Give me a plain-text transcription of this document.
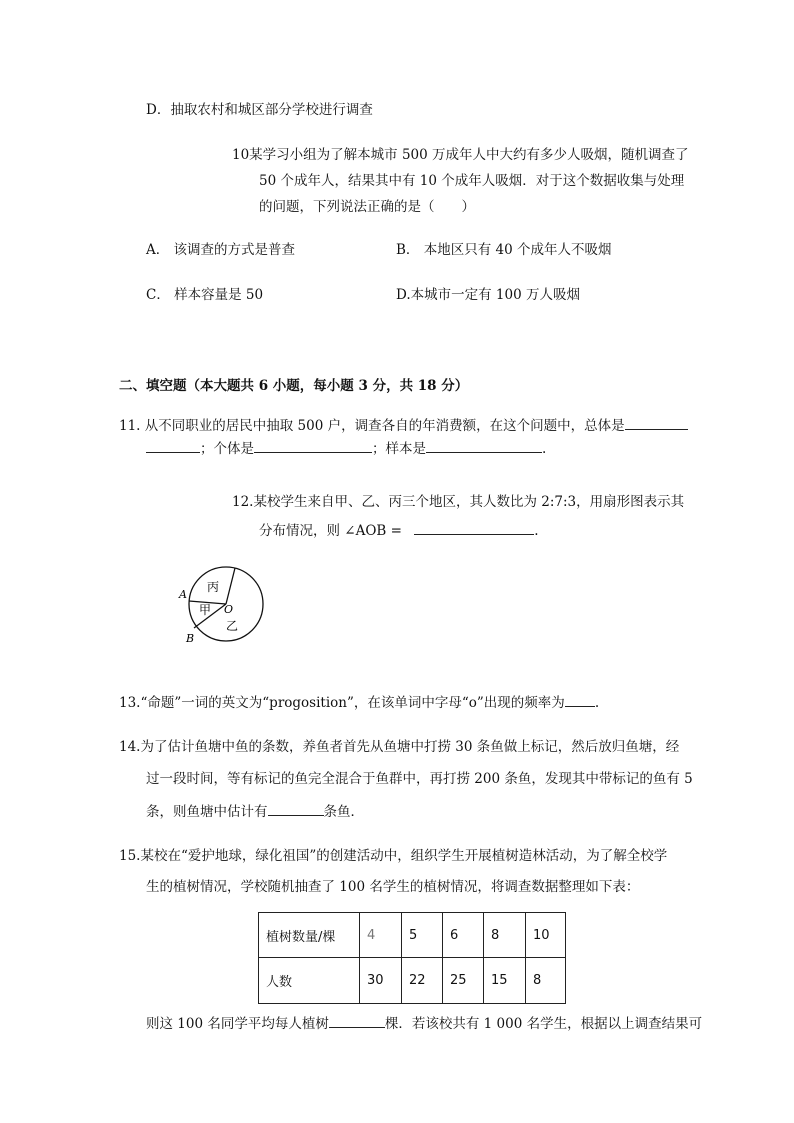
D．抽取农村和城区部分学校进行调查
10某学习小组为了解本城市 500 万成年人中大约有多少人吸烟，随机调查了
50 个成年人，结果其中有 10 个成年人吸烟．对于这个数据收集与处理
的问题，下列说法正确的是（　　）
A． 该调查的方式是普查	B． 本地区只有 40 个成年人不吸烟
C． 样本容量是 50	D.本城市一定有 100 万人吸烟
二、填空题（本大题共 6 小题，每小题 3 分，共 18 分）
11. 从不同职业的居民中抽取 500 户，调查各自的年消费额，在这个问题中，总体是
；个体是	；样本是	.
12.某校学生来自甲、乙、丙三个地区，其人数比为 2:7:3，用扇形图表示其
分布情况，则 ∠AOB =	.
A
B
O
丙
甲
乙
13.“命题”一词的英文为“progosition”，在该单词中字母“o”出现的频率为 .
14.为了估计鱼塘中鱼的条数，养鱼者首先从鱼塘中打捞 30 条鱼做上标记，然后放归鱼塘，经
过一段时间，等有标记的鱼完全混合于鱼群中，再打捞 200 条鱼，发现其中带标记的鱼有 5
条，则鱼塘中估计有	条鱼．
15.某校在“爱护地球，绿化祖国”的创建活动中，组织学生开展植树造林活动，为了解全校学
生的植树情况，学校随机抽查了 100 名学生的植树情况，将调查数据整理如下表：
植树数量/棵	4	5	6	8	10
人数	30	22	25	15	8
则这 100 名同学平均每人植树	棵．若该校共有 1 000 名学生，根据以上调查结果可
